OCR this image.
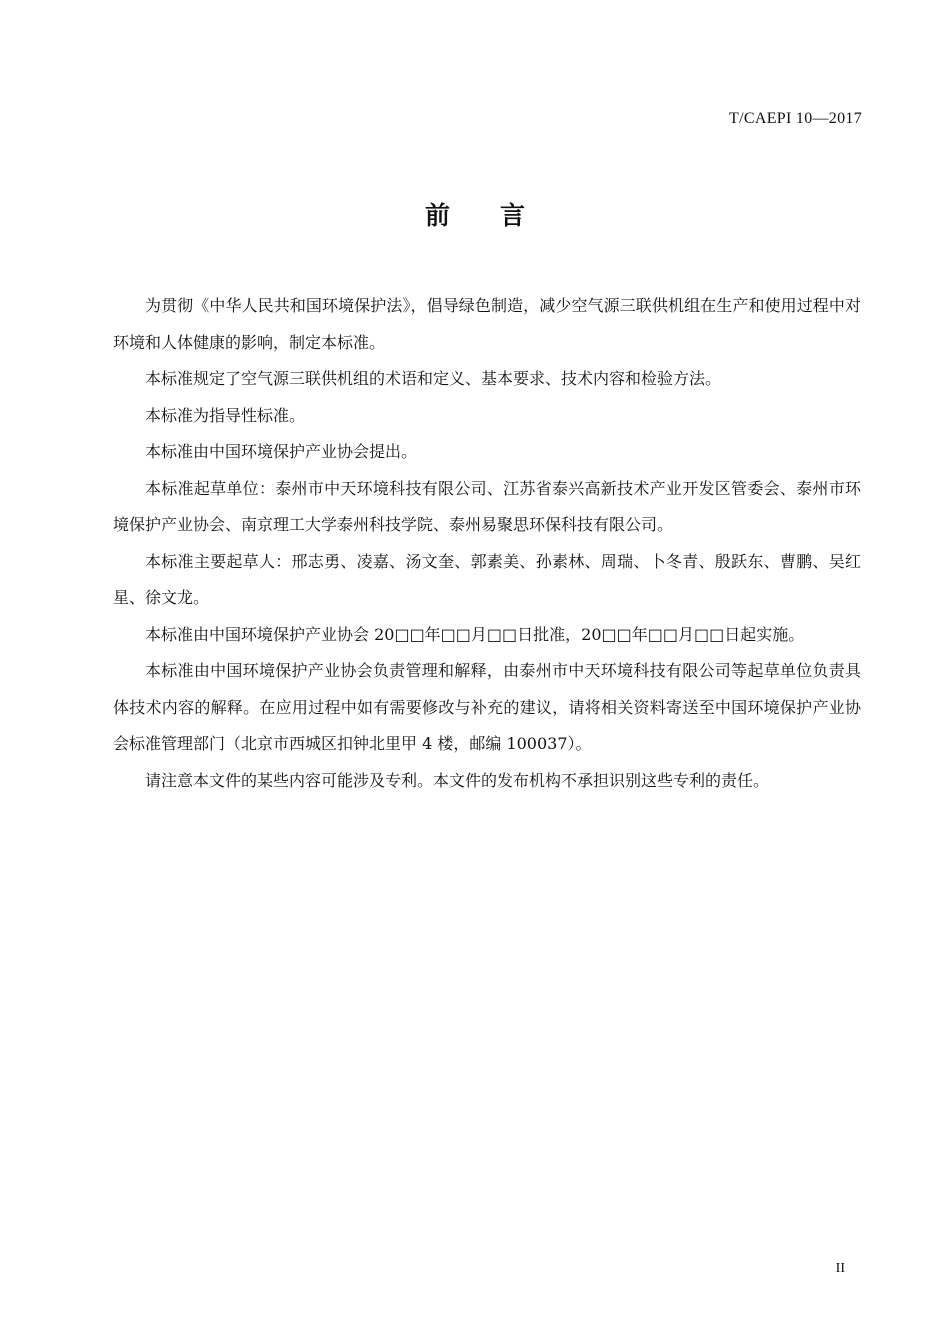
T/CAEPI 10—2017
前 言

为贯彻《中华人民共和国环境保护法》，倡导绿色制造，减少空气源三联供机组在生产和使用过程中对环境和人体健康的影响，制定本标准。

本标准规定了空气源三联供机组的术语和定义、基本要求、技术内容和检验方法。

本标准为指导性标准。

本标准由中国环境保护产业协会提出。

本标准起草单位：泰州市中天环境科技有限公司、江苏省泰兴高新技术产业开发区管委会、泰州市环境保护产业协会、南京理工大学泰州科技学院、泰州易聚思环保科技有限公司。

本标准主要起草人：邢志勇、凌嘉、汤文奎、郭素美、孙素林、周瑞、卜冬青、殷跃东、曹鹏、吴红星、徐文龙。

本标准由中国环境保护产业协会 20□□年□□月□□日批准，20□□年□□月□□日起实施。

本标准由中国环境保护产业协会负责管理和解释，由泰州市中天环境科技有限公司等起草单位负责具体技术内容的解释。在应用过程中如有需要修改与补充的建议，请将相关资料寄送至中国环境保护产业协会标准管理部门（北京市西城区扣钟北里甲 4 楼，邮编 100037）。

请注意本文件的某些内容可能涉及专利。本文件的发布机构不承担识别这些专利的责任。

II
